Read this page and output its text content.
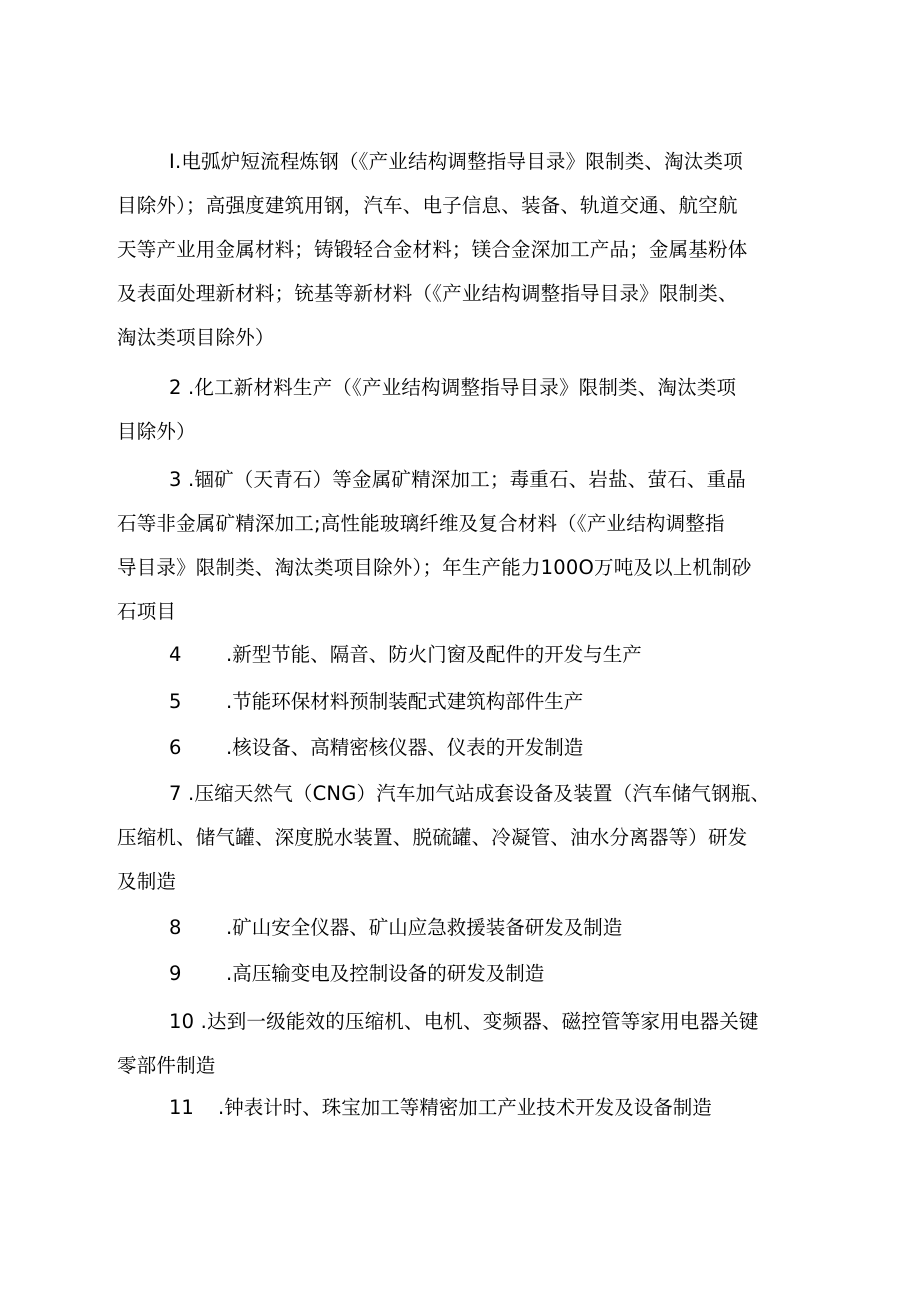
I.电弧炉短流程炼钢（《产业结构调整指导目录》限制类、淘汰类项
目除外）；高强度建筑用钢，汽车、电子信息、装备、轨道交通、航空航
天等产业用金属材料；铸锻轻合金材料；镁合金深加工产品；金属基粉体
及表面处理新材料；铳基等新材料（《产业结构调整指导目录》限制类、
淘汰类项目除外）
2 .化工新材料生产（《产业结构调整指导目录》限制类、淘汰类项
目除外）
3 .锢矿（天青石）等金属矿精深加工；毒重石、岩盐、萤石、重晶
石等非金属矿精深加工;高性能玻璃纤维及复合材料（《产业结构调整指
导目录》限制类、淘汰类项目除外）；年生产能力100O万吨及以上机制砂
石项目
4 .新型节能、隔音、防火门窗及配件的开发与生产
5 .节能环保材料预制装配式建筑构部件生产
6 .核设备、高精密核仪器、仪表的开发制造
7 .压缩天然气（CNG）汽车加气站成套设备及装置（汽车储气钢瓶、
压缩机、储气罐、深度脱水装置、脱硫罐、冷凝管、油水分离器等）研发
及制造
8 .矿山安全仪器、矿山应急救援装备研发及制造
9 .高压输变电及控制设备的研发及制造
10 .达到一级能效的压缩机、电机、变频器、磁控管等家用电器关键
零部件制造
11 .钟表计时、珠宝加工等精密加工产业技术开发及设备制造
